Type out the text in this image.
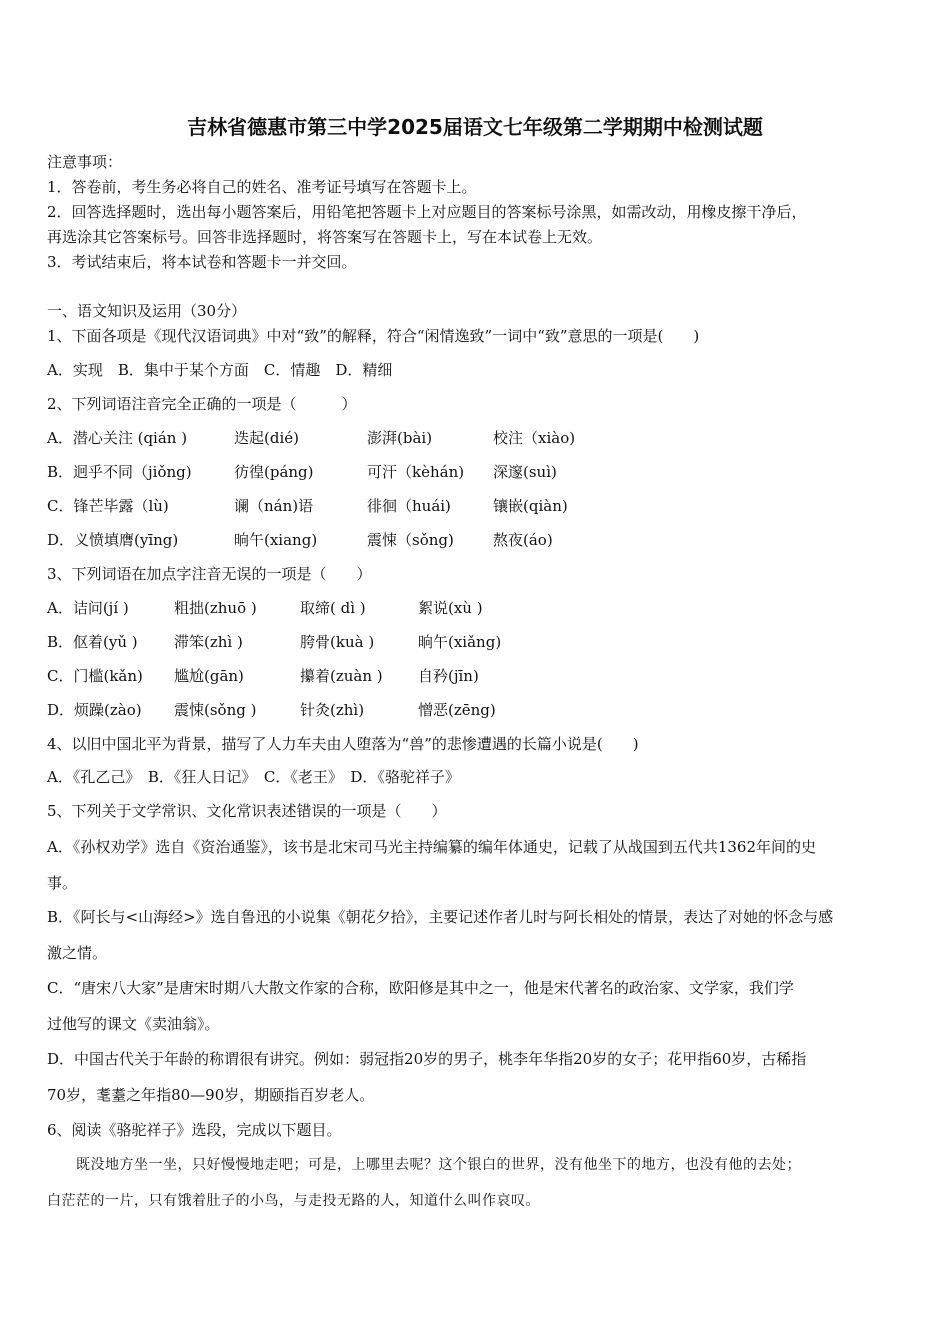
吉林省德惠市第三中学2025届语文七年级第二学期期中检测试题
注意事项：
1．答卷前，考生务必将自己的姓名、准考证号填写在答题卡上。
2．回答选择题时，选出每小题答案后，用铅笔把答题卡上对应题目的答案标号涂黑，如需改动，用橡皮擦干净后，
再选涂其它答案标号。回答非选择题时，将答案写在答题卡上，写在本试卷上无效。
3．考试结束后，将本试卷和答题卡一并交回。
一、语文知识及运用（30分）
1、下面各项是《现代汉语词典》中对“致”的解释，符合“闲情逸致”一词中“致”意思的一项是(　　)
A．实现　B．集中于某个方面　C．情趣　D．精细
2、下列词语注音完全正确的一项是（　　　）
A．潜心关注 (qián )	迭起(dié)	澎湃(bài)	校注（xiào)
B．迥乎不同（jiǒng)	彷徨(páng)	可汗（kèhán) 深邃(suì)
C．锋芒毕露（lù)	谰（nán)语	徘徊（huái)	镶嵌(qiàn)
D．义愤填膺(yīng)	晌午(xiang)	震悚（sǒng)	熬夜(áo)
3、下列词语在加点字注音无误的一项是（　　）
A．诘问(jí )	粗拙(zhuō )	取缔( dì )	絮说(xù )
B．伛着(yǔ ) 滞笨(zhì )	胯骨(kuà )	晌午(xiǎng)
C．门槛(kǎn) 尴尬(gān)	攥着(zuàn ) 自矜(jīn)
D．烦躁(zào) 震悚(sǒng )	针灸(zhì)	憎恶(zēng)
4、以旧中国北平为背景，描写了人力车夫由人堕落为“兽”的悲惨遭遇的长篇小说是(　　)
A．《孔乙己》　B．《狂人日记》　C．《老王》　D．《骆驼祥子》
5、下列关于文学常识、文化常识表述错误的一项是（　　）
A．《孙权劝学》选自《资治通鉴》，该书是北宋司马光主持编纂的编年体通史，记载了从战国到五代共1362年间的史
事。
B．《阿长与<山海经>》选自鲁迅的小说集《朝花夕拾》，主要记述作者儿时与阿长相处的情景，表达了对她的怀念与感
激之情。
C．“唐宋八大家”是唐宋时期八大散文作家的合称，欧阳修是其中之一，他是宋代著名的政治家、文学家，我们学
过他写的课文《卖油翁》。
D．中国古代关于年龄的称谓很有讲究。例如：弱冠指20岁的男子，桃李年华指20岁的女子；花甲指60岁，古稀指
70岁，耄耋之年指80—90岁，期颐指百岁老人。
6、阅读《骆驼祥子》选段，完成以下题目。
　　既没地方坐一坐，只好慢慢地走吧；可是，上哪里去呢？这个银白的世界，没有他坐下的地方，也没有他的去处；
白茫茫的一片，只有饿着肚子的小鸟，与走投无路的人，知道什么叫作哀叹。
